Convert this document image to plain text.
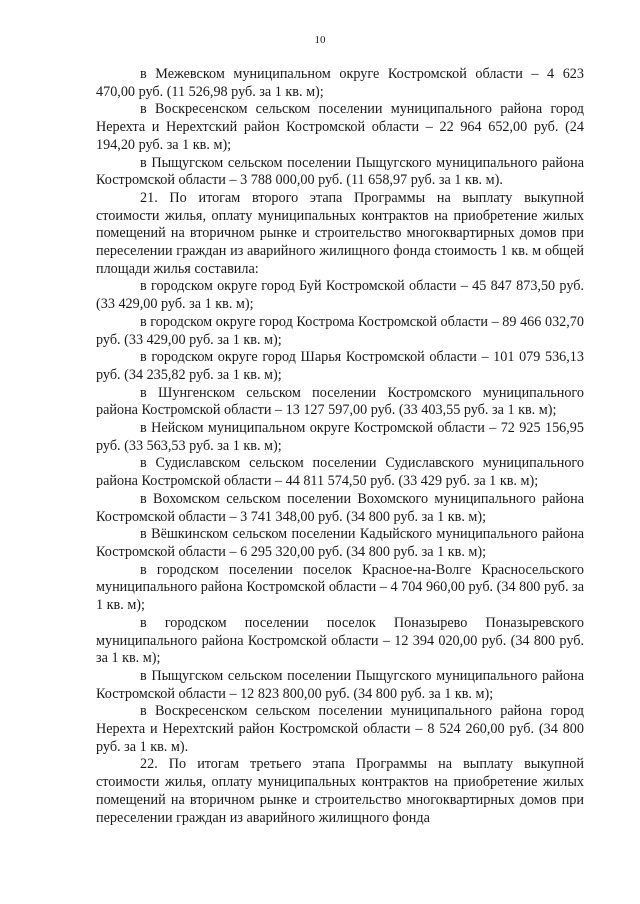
10

в Межевском муниципальном округе Костромской области – 4 623 470,00 руб. (11 526,98 руб. за 1 кв. м);

в Воскресенском сельском поселении муниципального района город Нерехта и Нерехтский район Костромской области – 22 964 652,00 руб. (24 194,20 руб. за 1 кв. м);

в Пыщугском сельском поселении Пыщугского муниципального района Костромской области – 3 788 000,00 руб. (11 658,97 руб. за 1 кв. м).

21. По итогам второго этапа Программы на выплату выкупной стоимости жилья, оплату муниципальных контрактов на приобретение жилых помещений на вторичном рынке и строительство многоквартирных домов при переселении граждан из аварийного жилищного фонда стоимость 1 кв. м общей площади жилья составила:

в городском округе город Буй Костромской области – 45 847 873,50 руб. (33 429,00 руб. за 1 кв. м);

в городском округе город Кострома Костромской области – 89 466 032,70 руб. (33 429,00 руб. за 1 кв. м);

в городском округе город Шарья Костромской области – 101 079 536,13 руб. (34 235,82 руб. за 1 кв. м);

в Шунгенском сельском поселении Костромского муниципального района Костромской области – 13 127 597,00 руб. (33 403,55 руб. за 1 кв. м);

в Нейском муниципальном округе Костромской области – 72 925 156,95 руб. (33 563,53 руб. за 1 кв. м);

в Судиславском сельском поселении Судиславского муниципального района Костромской области – 44 811 574,50 руб. (33 429 руб. за 1 кв. м);

в Вохомском сельском поселении Вохомского муниципального района Костромской области – 3 741 348,00 руб. (34 800 руб. за 1 кв. м);

в Вёшкинском сельском поселении Кадыйского муниципального района Костромской области – 6 295 320,00 руб. (34 800 руб. за 1 кв. м);

в городском поселении поселок Красное-на-Волге Красносельского муниципального района Костромской области – 4 704 960,00 руб. (34 800 руб. за 1 кв. м);

в городском поселении поселок Поназырево Поназыревского муниципального района Костромской области – 12 394 020,00 руб. (34 800 руб. за 1 кв. м);

в Пыщугском сельском поселении Пыщугского муниципального района Костромской области – 12 823 800,00 руб. (34 800 руб. за 1 кв. м);

в Воскресенском сельском поселении муниципального района город Нерехта и Нерехтский район Костромской области – 8 524 260,00 руб. (34 800 руб. за 1 кв. м).

22. По итогам третьего этапа Программы на выплату выкупной стоимости жилья, оплату муниципальных контрактов на приобретение жилых помещений на вторичном рынке и строительство многоквартирных домов при переселении граждан из аварийного жилищного фонда
